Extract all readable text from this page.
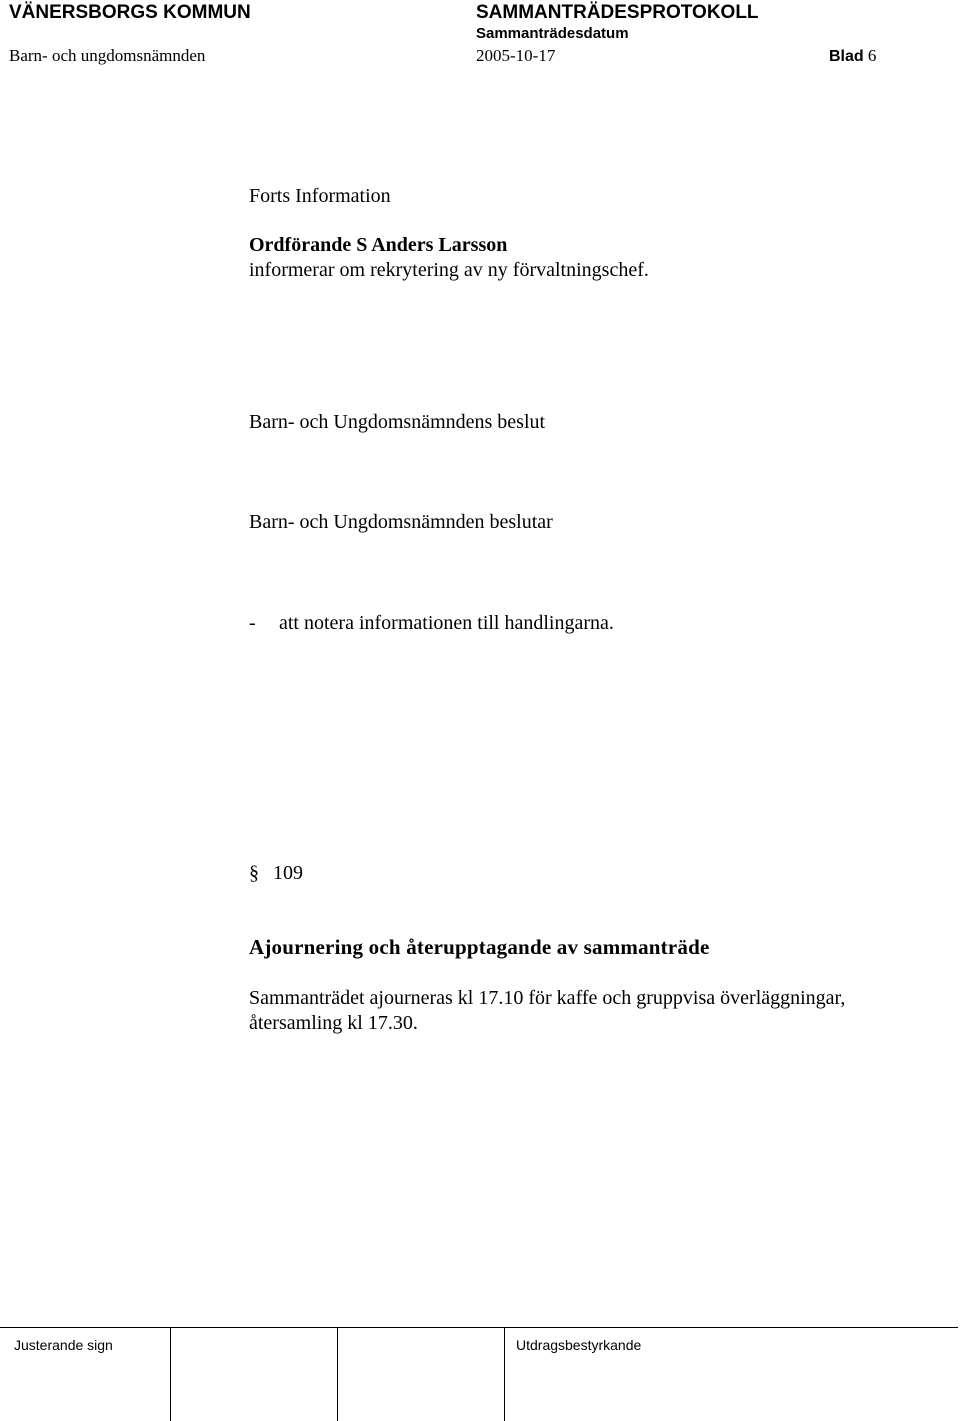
VÄNERSBORGS KOMMUN	SAMMANTRÄDESPROTOKOLL
Sammanträdesdatum
Barn- och ungdomsnämnden	2005-10-17	Blad 6
Forts Information
Ordförande S Anders Larsson
informerar om rekrytering av ny förvaltningschef.
Barn- och Ungdomsnämndens beslut
Barn- och Ungdomsnämnden beslutar
- att notera informationen till handlingarna.
§ 109
Ajournering och återupptagande av sammanträde
Sammanträdet ajourneras kl 17.10 för kaffe och gruppvisa överläggningar,
återsamling kl 17.30.
Justerande sign	Utdragsbestyrkande
